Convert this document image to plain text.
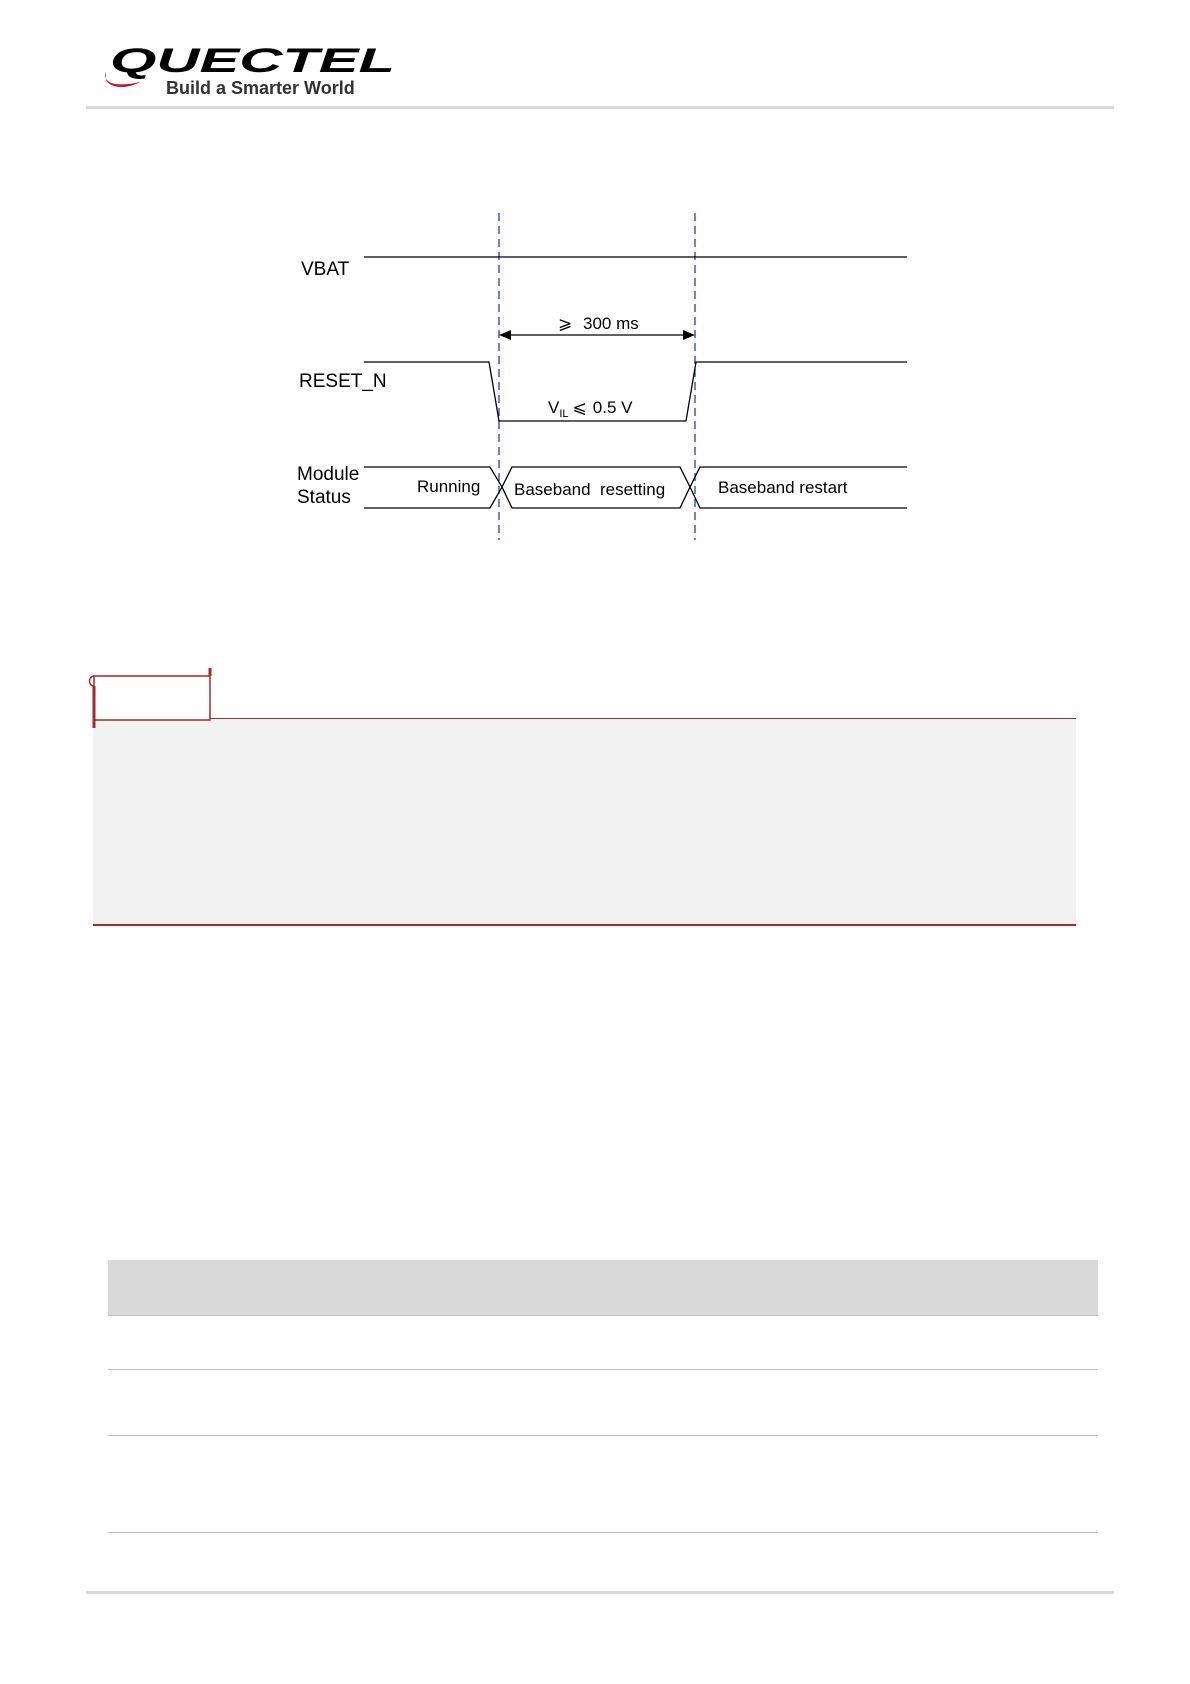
QUECTEL
Build a Smarter World
VBAT
⩾ 300 ms
RESET_N
$V_{IL}$ ⩽ 0.5 V
Module
Status
Running Baseband  resetting	Baseband restart
